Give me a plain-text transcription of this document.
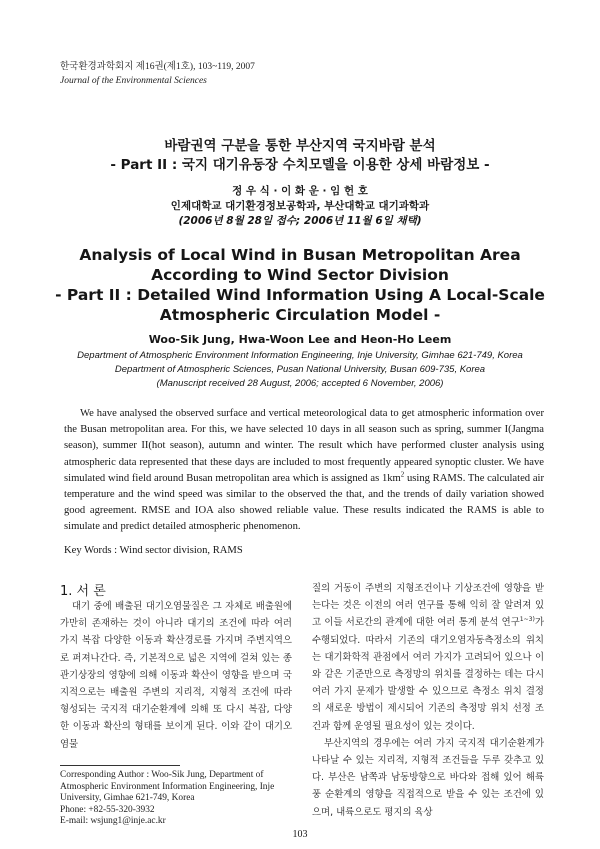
한국환경과학회지 제16권(제1호), 103~119, 2007
Journal of the Environmental Sciences
바람권역 구분을 통한 부산지역 국지바람 분석
- Part II : 국지 대기유동장 수치모델을 이용한 상세 바람정보 -
정 우 식 · 이 화 운 · 임 헌 호
인제대학교 대기환경정보공학과, 부산대학교 대기과학과
(2006년 8월 28일 접수; 2006년 11월 6일 채택)
Analysis of Local Wind in Busan Metropolitan Area
According to Wind Sector Division
- Part II : Detailed Wind Information Using A Local-Scale
Atmospheric Circulation Model -
Woo-Sik Jung, Hwa-Woon Lee and Heon-Ho Leem
Department of Atmospheric Environment Information Engineering, Inje University, Gimhae 621-749, Korea
Department of Atmospheric Sciences, Pusan National University, Busan 609-735, Korea
(Manuscript received 28 August, 2006; accepted 6 November, 2006)
We have analysed the observed surface and vertical meteorological data to get atmospheric information over the Busan metropolitan area. For this, we have selected 10 days in all season such as spring, summer I(Jangma season), summer II(hot season), autumn and winter. The result which have performed cluster analysis using atmospheric data represented that these days are included to most frequently appeared synoptic cluster. We have simulated wind field around Busan metropolitan area which is assigned as $1km^2$ using RAMS. The calculated air temperature and the wind speed was similar to the observed the that, and the trends of daily variation showed good agreement. RMSE and IOA also showed reliable value. These results indicated the RAMS is able to simulate and predict detailed atmospheric phenomenon.
Key Words : Wind sector division, RAMS
1. 서 론
대기 중에 배출된 대기오염물질은 그 자체로 배출원에 가만히 존재하는 것이 아니라 대기의 조건에 따라 여러 가지 복잡 다양한 이동과 확산경로를 가지며 주변지역으로 퍼져나간다. 즉, 기본적으로 넓은 지역에 걸쳐 있는 종관기상장의 영향에 의해 이동과 확산이 영향을 받으며 국지적으로는 배출원 주변의 지리적, 지형적 조건에 따라 형성되는 국지적 대기순환계에 의해 또 다시 복잡, 다양한 이동과 확산의 형태를 보이게 된다. 이와 같이 대기오염물

질의 거동이 주변의 지형조건이나 기상조건에 영향을 받는다는 것은 이전의 여러 연구를 통해 익히 잘 알려져 있고 이들 서로간의 관계에 대한 여러 통계 분석 연구$^{1\sim 3)}$가 수행되었다. 따라서 기존의 대기오염자동측정소의 위치는 대기화학적 관점에서 여러 가지가 고려되어 있으나 이와 같은 기준만으로 측정망의 위치를 결정하는 데는 다시 여러 가지 문제가 발생할 수 있으므로 측정소 위치 결정의 새로운 방법이 제시되어 기존의 측정망 위치 선정 조건과 함께 운영될 필요성이 있는 것이다.

부산지역의 경우에는 여러 가지 국지적 대기순환계가 나타날 수 있는 지리적, 지형적 조건들을 두루 갖추고 있다. 부산은 남쪽과 남동방향으로 바다와 접해 있어 해륙풍 순환계의 영향을 직접적으로 받을 수 있는 조건에 있으며, 내륙으로도 평지의 육상

Corresponding Author : Woo-Sik Jung, Department of Atmospheric Environment Information Engineering, Inje University, Gimhae 621-749, Korea
Phone: +82-55-320-3932
E-mail: wsjung1@inje.ac.kr
103
